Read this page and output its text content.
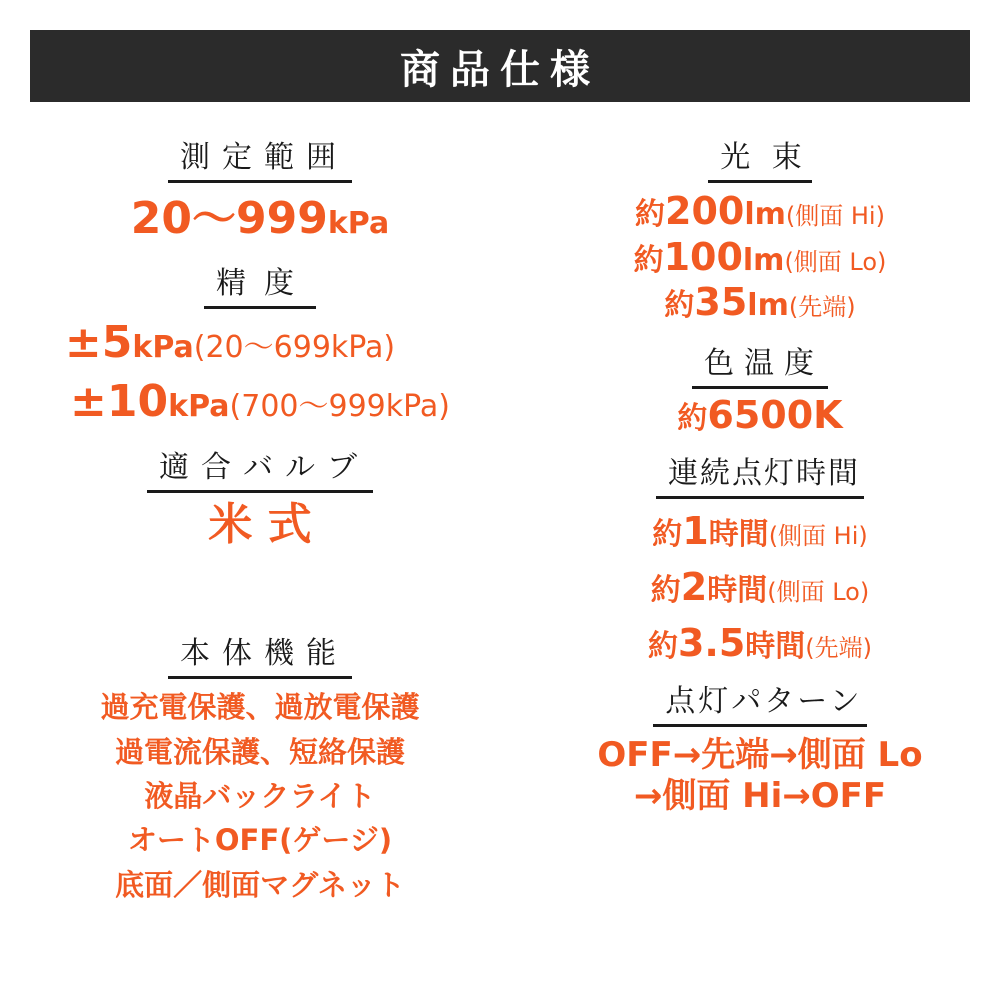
商品仕様
測定範囲
20〜999kPa
精度
±5kPa(20〜699kPa)
±10kPa(700〜999kPa)
適合バルブ
米 式
本体機能
過充電保護、過放電保護
過電流保護、短絡保護
液晶バックライト
オートOFF(ゲージ)
底面／側面マグネット
光 束
約200lm(側面 Hi)
約100lm(側面 Lo)
約35lm(先端)
色温度
約6500K
連続点灯時間
約1時間(側面 Hi)
約2時間(側面 Lo)
約3.5時間(先端)
点灯パターン
OFF→先端→側面 Lo
→側面 Hi→OFF
